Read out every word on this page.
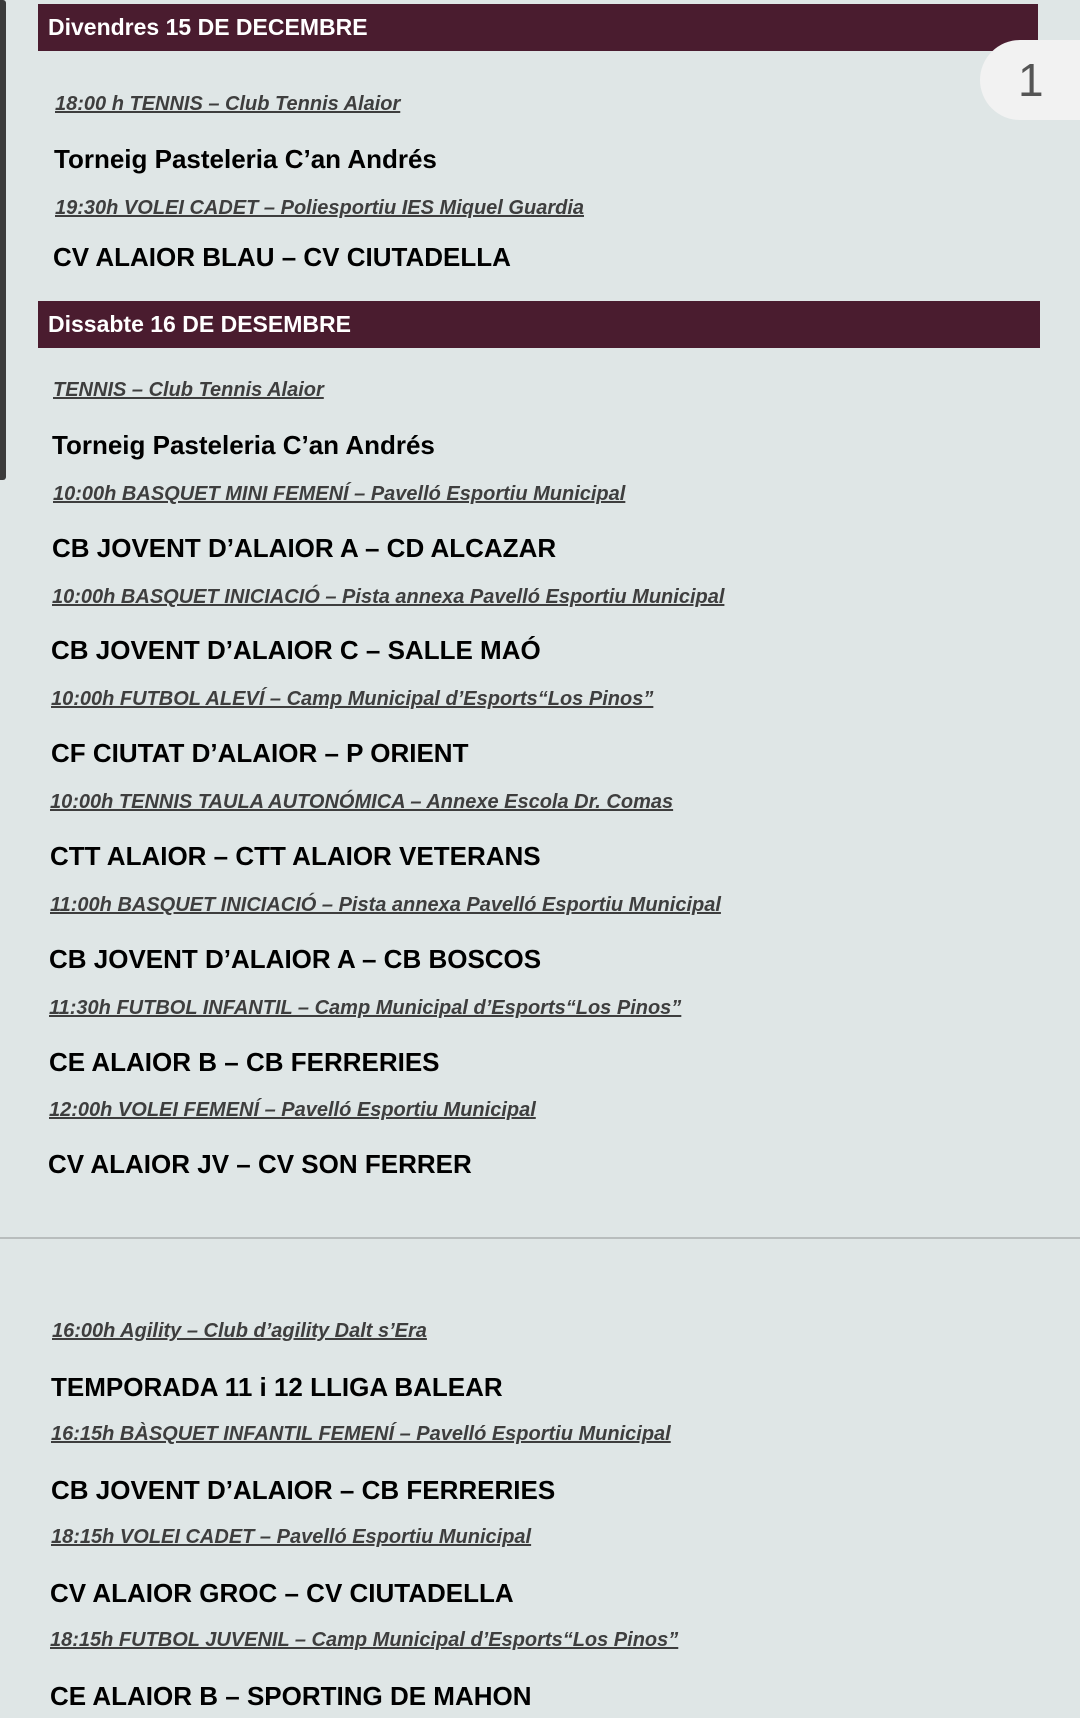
Divendres 15 DE DECEMBRE
1
18:00 h TENNIS – Club Tennis Alaior
Torneig Pasteleria C’an Andrés
19:30h VOLEI CADET – Poliesportiu IES Miquel Guardia
CV ALAIOR BLAU – CV CIUTADELLA
Dissabte 16 DE DESEMBRE
TENNIS – Club Tennis Alaior
Torneig Pasteleria C’an Andrés
10:00h BASQUET MINI FEMENÍ – Pavelló Esportiu Municipal
CB JOVENT D’ALAIOR A – CD ALCAZAR
10:00h BASQUET INICIACIÓ – Pista annexa Pavelló Esportiu Municipal
CB JOVENT D’ALAIOR C – SALLE MAÓ
10:00h FUTBOL ALEVÍ – Camp Municipal d’Esports“Los Pinos”
CF CIUTAT D’ALAIOR – P ORIENT
10:00h TENNIS TAULA AUTONÓMICA – Annexe Escola Dr. Comas
CTT ALAIOR – CTT ALAIOR VETERANS
11:00h BASQUET INICIACIÓ – Pista annexa Pavelló Esportiu Municipal
CB JOVENT D’ALAIOR A – CB BOSCOS
11:30h FUTBOL INFANTIL – Camp Municipal d’Esports“Los Pinos”
CE ALAIOR B – CB FERRERIES
12:00h VOLEI FEMENÍ – Pavelló Esportiu Municipal
CV ALAIOR JV – CV SON FERRER
16:00h Agility – Club d’agility Dalt s’Era
TEMPORADA 11 i 12 LLIGA BALEAR
16:15h BÀSQUET INFANTIL FEMENÍ – Pavelló Esportiu Municipal
CB JOVENT D’ALAIOR – CB FERRERIES
18:15h VOLEI CADET – Pavelló Esportiu Municipal
CV ALAIOR GROC – CV CIUTADELLA
18:15h FUTBOL JUVENIL – Camp Municipal d’Esports“Los Pinos”
CE ALAIOR B – SPORTING DE MAHON
